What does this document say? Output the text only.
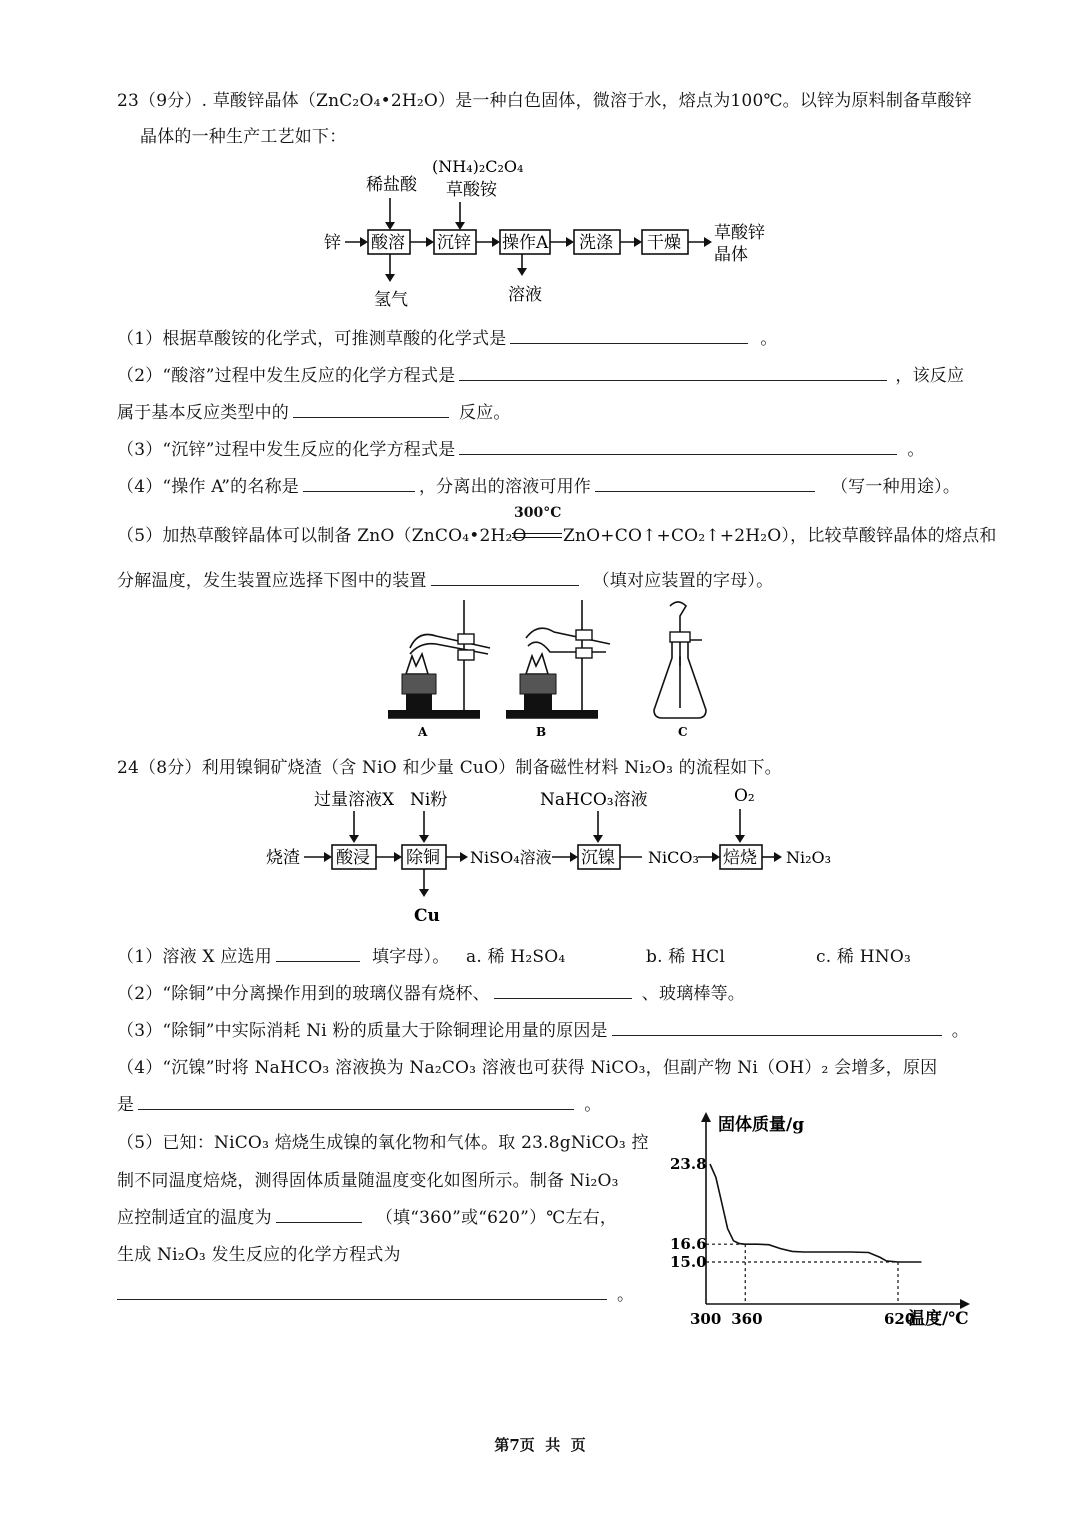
23（9分）. 草酸锌晶体（ZnC₂O₄•2H₂O）是一种白色固体，微溶于水，熔点为100℃。以锌为原料制备草酸锌
晶体的一种生产工艺如下：
稀盐酸
(NH₄)₂C₂O₄
草酸铵
锌 酸溶 沉锌 操作A 洗涤 干燥 草酸锌
晶体
氢气	溶液
（1）根据草酸铵的化学式，可推测草酸的化学式是	。
（2）“酸溶”过程中发生反应的化学方程式是	，该反应
属于基本反应类型中的	反应。
（3）“沉锌”过程中发生反应的化学方程式是	。
（4）“操作 A”的名称是	，分离出的溶液可用作	（写一种用途）。
（5）加热草酸锌晶体可以制备 ZnO（ZnCO₄•2H₂O
300°C
ZnO+CO↑+CO₂↑+2H₂O），比较草酸锌晶体的熔点和
分解温度，发生装置应选择下图中的装置	（填对应装置的字母）。
A	B	C
24（8分）利用镍铜矿烧渣（含 NiO 和少量 CuO）制备磁性材料 Ni₂O₃ 的流程如下。
过量溶液X Ni粉	NaHCO₃溶液	O₂
烧渣 酸浸 除铜 NiSO₄溶液 沉镍 NiCO₃ 焙烧 Ni₂O₃
Cu
（1）溶液 X 应选用	填字母）。 a. 稀 H₂SO₄	b. 稀 HCl	c. 稀 HNO₃
（2）“除铜”中分离操作用到的玻璃仪器有烧杯、	、玻璃棒等。
（3）“除铜”中实际消耗 Ni 粉的质量大于除铜理论用量的原因是	。
（4）“沉镍”时将 NaHCO₃ 溶液换为 Na₂CO₃ 溶液也可获得 NiCO₃，但副产物 Ni（OH）₂ 会增多，原因
是	。
（5）已知：NiCO₃ 焙烧生成镍的氧化物和气体。取 23.8gNiCO₃ 控
制不同温度焙烧，测得固体质量随温度变化如图所示。制备 Ni₂O₃
应控制适宜的温度为	（填“360”或“620”）℃左右，
生成 Ni₂O₃ 发生反应的化学方程式为
。
固体质量/g
温度/℃
23.8
16.6
15.0
300 360	620
第7页  共  页
